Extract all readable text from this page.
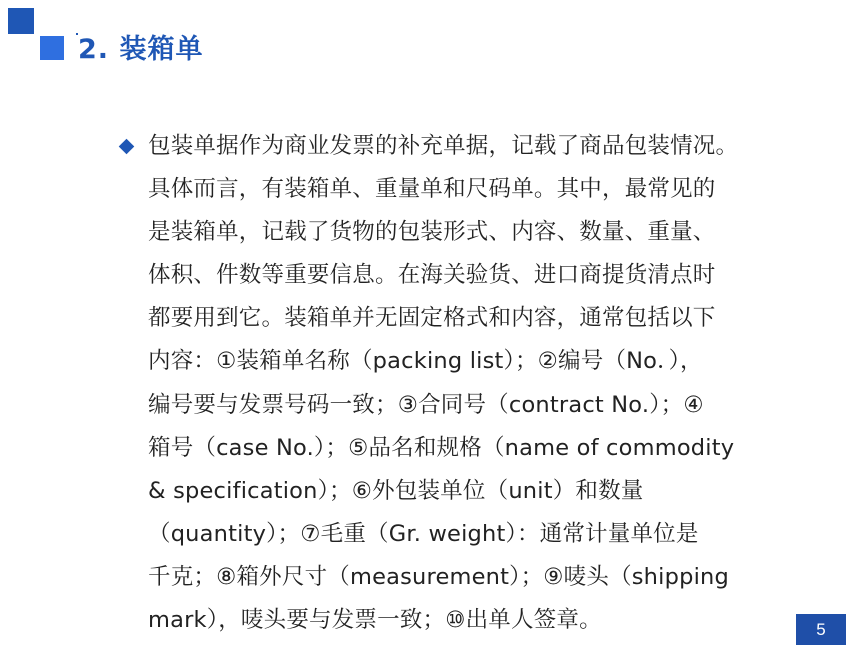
2. 装箱单
包装单据作为商业发票的补充单据，记载了商品包装情况。
具体而言，有装箱单、重量单和尺码单。其中，最常见的
是装箱单，记载了货物的包装形式、内容、数量、重量、
体积、件数等重要信息。在海关验货、进口商提货清点时
都要用到它。装箱单并无固定格式和内容，通常包括以下
内容：①装箱单名称（packing list）；②编号（No．），
编号要与发票号码一致；③合同号（contract No.）；④
箱号（case No.）；⑤品名和规格（name of commodity
& specification）；⑥外包装单位（unit）和数量
（quantity）；⑦毛重（Gr. weight）：通常计量单位是
千克；⑧箱外尺寸（measurement）；⑨唛头（shipping
mark），唛头要与发票一致；⑩出单人签章。	5
